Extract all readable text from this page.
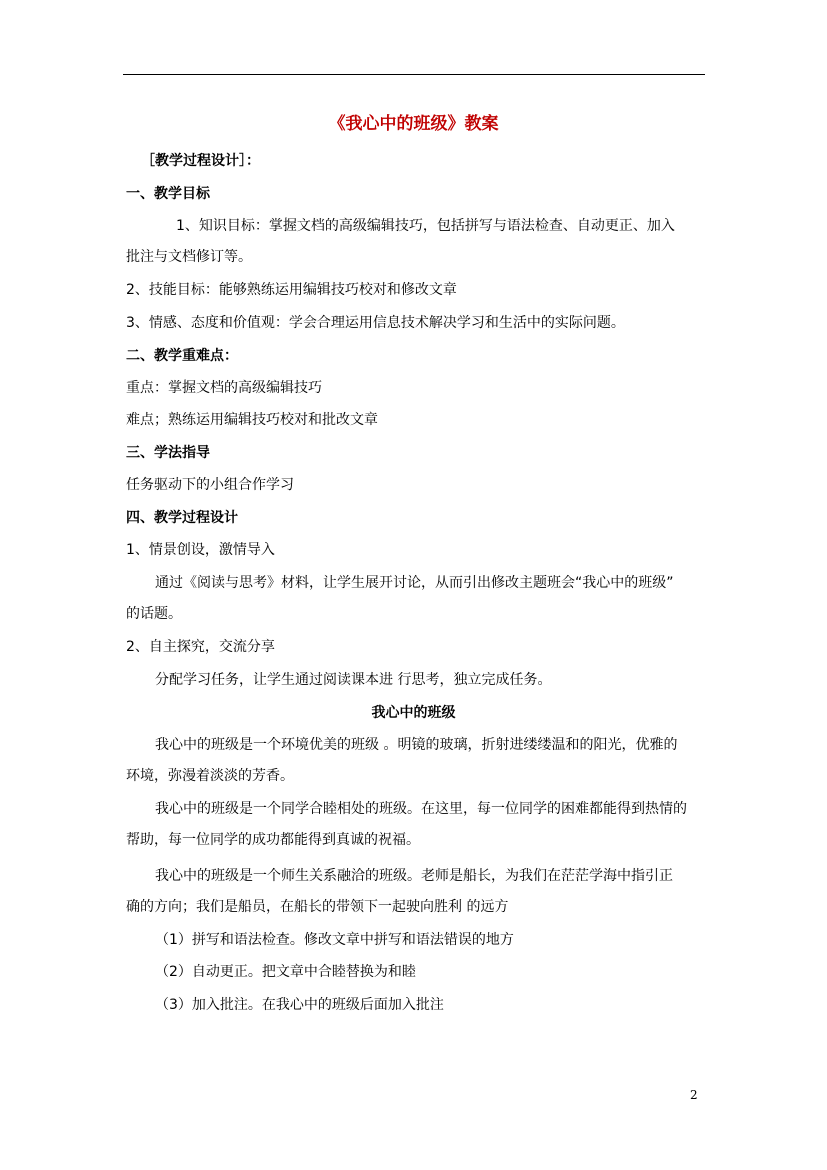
《我心中的班级》教案
［教学过程设计］：
一、教学目标
1、知识目标：掌握文档的高级编辑技巧，包括拼写与语法检查、自动更正、加入
批注与文档修订等。
2、技能目标：能够熟练运用编辑技巧校对和修改文章
3、情感、态度和价值观：学会合理运用信息技术解决学习和生活中的实际问题。
二、教学重难点：
重点：掌握文档的高级编辑技巧
难点；熟练运用编辑技巧校对和批改文章
三、学法指导
任务驱动下的小组合作学习
四、教学过程设计
1、情景创设，激情导入
通过《阅读与思考》材料，让学生展开讨论，从而引出修改主题班会“我心中的班级”
的话题。
2、自主探究，交流分享
分配学习任务，让学生通过阅读课本进 行思考，独立完成任务。
我心中的班级
我心中的班级是一个环境优美的班级 。明镜的玻璃，折射进缕缕温和的阳光，优雅的
环境，弥漫着淡淡的芳香。
我心中的班级是一个同学合睦相处的班级。在这里，每一位同学的困难都能得到热情的
帮助，每一位同学的成功都能得到真诚的祝福。
我心中的班级是一个师生关系融洽的班级。老师是船长，为我们在茫茫学海中指引正
确的方向；我们是船员，在船长的带领下一起驶向胜利 的远方
（1）拼写和语法检查。修改文章中拼写和语法错误的地方
（2）自动更正。把文章中合睦替换为和睦
（3）加入批注。在我心中的班级后面加入批注
2
